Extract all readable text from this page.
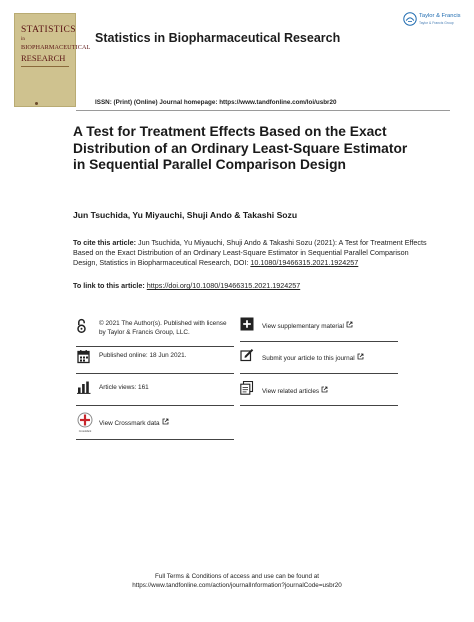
STATISTICS
in
BIOPHARMACEUTICAL
RESEARCH
Statistics in Biopharmaceutical Research
Taylor & Francis
Taylor & Francis Group
ISSN: (Print) (Online) Journal homepage: https://www.tandfonline.com/loi/usbr20
A Test for Treatment Effects Based on the Exact Distribution of an Ordinary Least-Square Estimator in Sequential Parallel Comparison Design
Jun Tsuchida, Yu Miyauchi, Shuji Ando & Takashi Sozu
To cite this article: Jun Tsuchida, Yu Miyauchi, Shuji Ando & Takashi Sozu (2021): A Test for Treatment Effects Based on the Exact Distribution of an Ordinary Least-Square Estimator in Sequential Parallel Comparison Design, Statistics in Biopharmaceutical Research, DOI: 10.1080/19466315.2021.1924257
To link to this article: https://doi.org/10.1080/19466315.2021.1924257
© 2021 The Author(s). Published with license by Taylor & Francis Group, LLC.
Published online: 18 Jun 2021.
Article views: 161
CrossMark
View Crossmark data
View supplementary material
Submit your article to this journal
View related articles
Full Terms & Conditions of access and use can be found at
https://www.tandfonline.com/action/journalInformation?journalCode=usbr20
